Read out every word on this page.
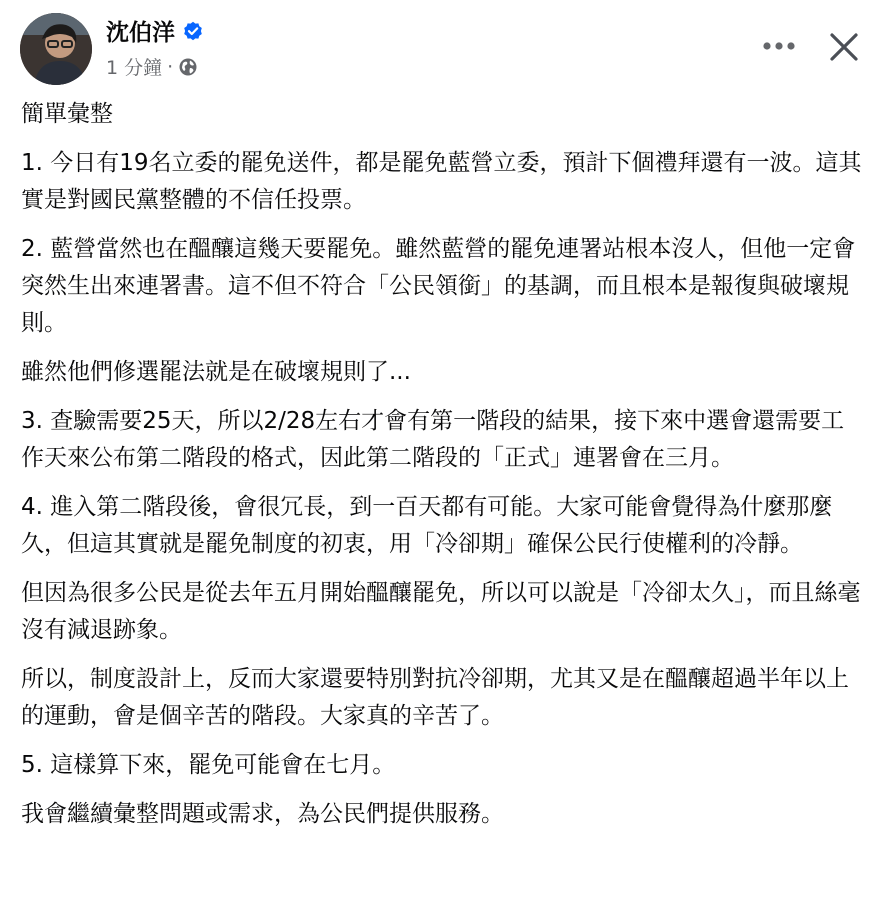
沈伯洋
1 分鐘 ·

簡單彙整

1. 今日有19名立委的罷免送件，都是罷免藍營立委，預計下個禮拜還有一波。這其實是對國民黨整體的不信任投票。

2. 藍營當然也在醞釀這幾天要罷免。雖然藍營的罷免連署站根本沒人，但他一定會突然生出來連署書。這不但不符合「公民領銜」的基調，而且根本是報復與破壞規則。

雖然他們修選罷法就是在破壞規則了...

3. 查驗需要25天，所以2/28左右才會有第一階段的結果，接下來中選會還需要工作天來公布第二階段的格式，因此第二階段的「正式」連署會在三月。

4. 進入第二階段後，會很冗長，到一百天都有可能。大家可能會覺得為什麼那麼久，但這其實就是罷免制度的初衷，用「冷卻期」確保公民行使權利的冷靜。

但因為很多公民是從去年五月開始醞釀罷免，所以可以說是「冷卻太久」，而且絲毫沒有減退跡象。

所以，制度設計上，反而大家還要特別對抗冷卻期，尤其又是在醞釀超過半年以上的運動，會是個辛苦的階段。大家真的辛苦了。

5. 這樣算下來，罷免可能會在七月。

我會繼續彙整問題或需求，為公民們提供服務。
